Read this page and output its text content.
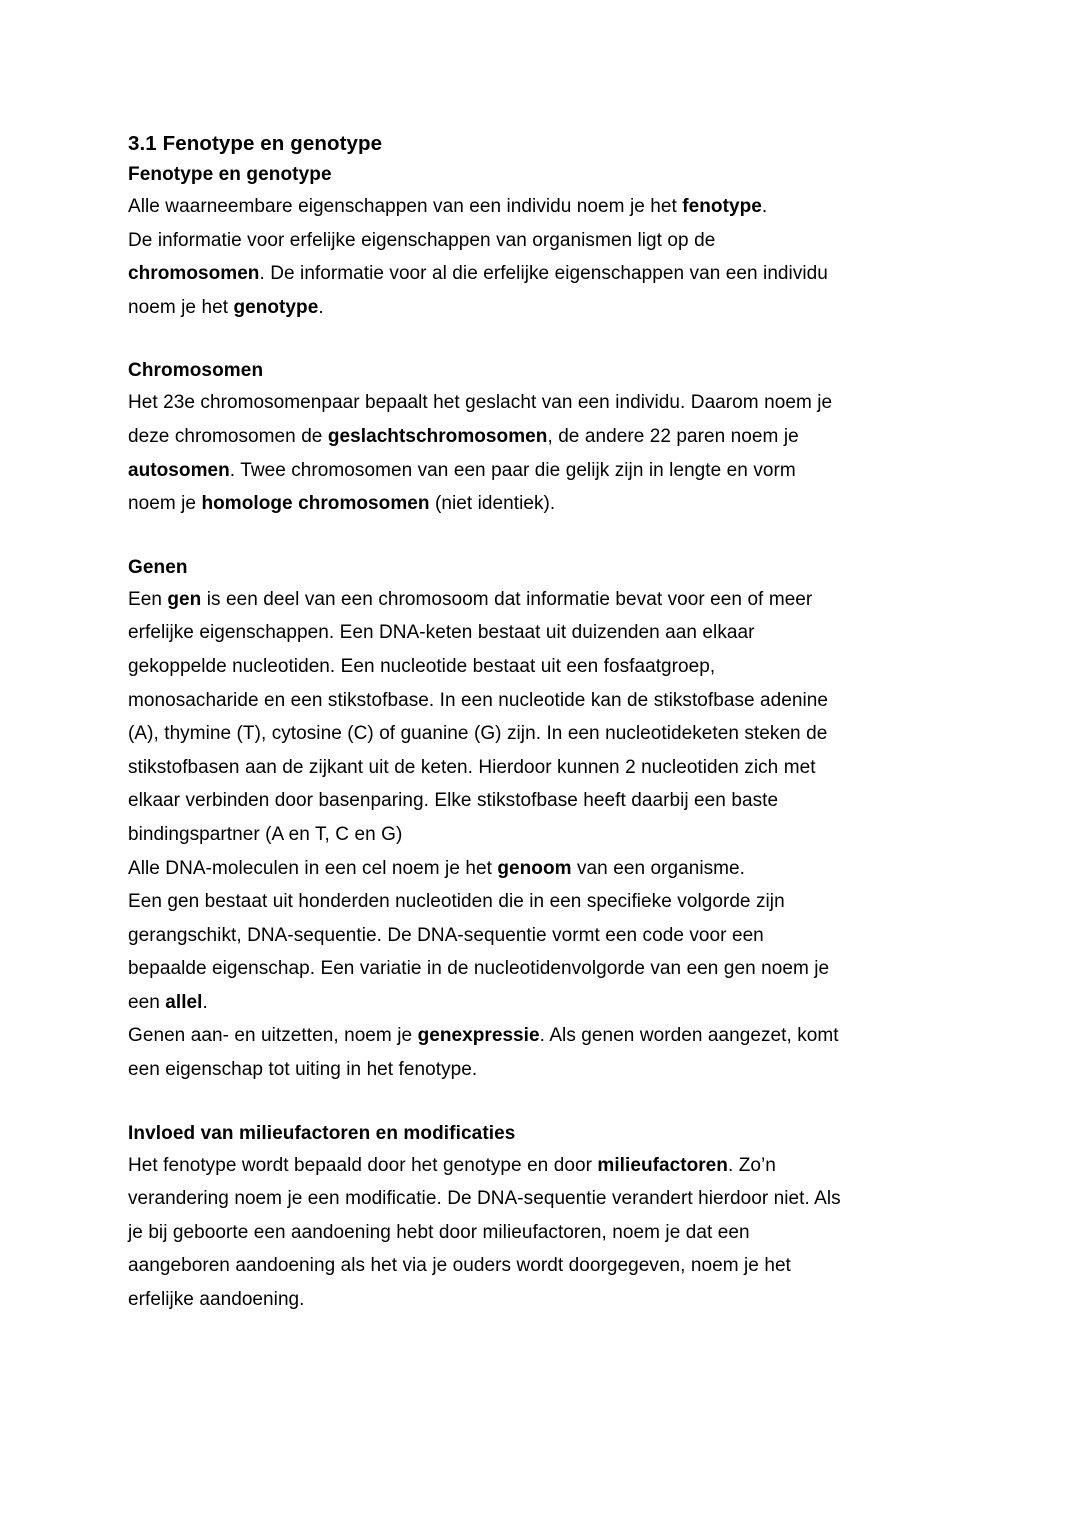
3.1 Fenotype en genotype
Fenotype en genotype

Alle waarneembare eigenschappen van een individu noem je het fenotype.
De informatie voor erfelijke eigenschappen van organismen ligt op de
chromosomen. De informatie voor al die erfelijke eigenschappen van een individu
noem je het genotype.

Chromosomen

Het 23e chromosomenpaar bepaalt het geslacht van een individu. Daarom noem je
deze chromosomen de geslachtschromosomen, de andere 22 paren noem je
autosomen. Twee chromosomen van een paar die gelijk zijn in lengte en vorm
noem je homologe chromosomen (niet identiek).

Genen

Een gen is een deel van een chromosoom dat informatie bevat voor een of meer
erfelijke eigenschappen. Een DNA-keten bestaat uit duizenden aan elkaar
gekoppelde nucleotiden. Een nucleotide bestaat uit een fosfaatgroep,
monosacharide en een stikstofbase. In een nucleotide kan de stikstofbase adenine
(A), thymine (T), cytosine (C) of guanine (G) zijn. In een nucleotideketen steken de
stikstofbasen aan de zijkant uit de keten. Hierdoor kunnen 2 nucleotiden zich met
elkaar verbinden door basenparing. Elke stikstofbase heeft daarbij een baste
bindingspartner (A en T, C en G)
Alle DNA-moleculen in een cel noem je het genoom van een organisme.
Een gen bestaat uit honderden nucleotiden die in een specifieke volgorde zijn
gerangschikt, DNA-sequentie. De DNA-sequentie vormt een code voor een
bepaalde eigenschap. Een variatie in de nucleotidenvolgorde van een gen noem je
een allel.
Genen aan- en uitzetten, noem je genexpressie. Als genen worden aangezet, komt
een eigenschap tot uiting in het fenotype.

Invloed van milieufactoren en modificaties

Het fenotype wordt bepaald door het genotype en door milieufactoren. Zo’n
verandering noem je een modificatie. De DNA-sequentie verandert hierdoor niet. Als
je bij geboorte een aandoening hebt door milieufactoren, noem je dat een
aangeboren aandoening als het via je ouders wordt doorgegeven, noem je het
erfelijke aandoening.
